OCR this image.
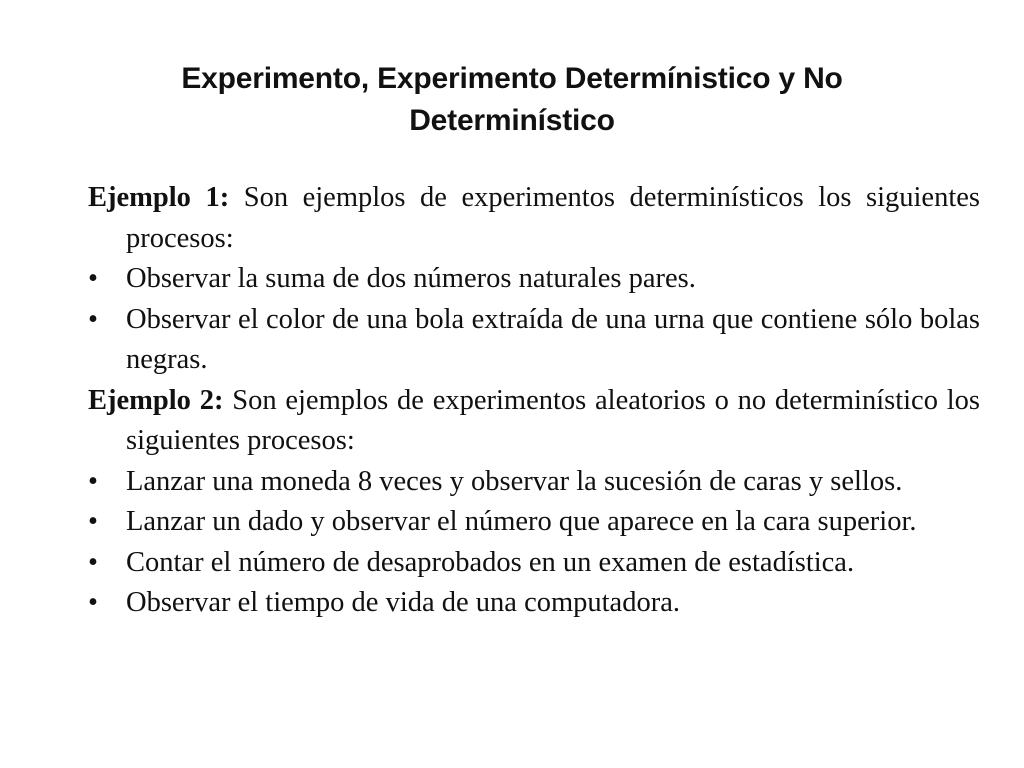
Experimento, Experimento Determínistico y No Determinístico

Ejemplo 1: Son ejemplos de experimentos determinísticos los siguientes procesos:

• Observar la suma de dos números naturales pares.

• Observar el color de una bola extraída de una urna que contiene sólo bolas negras.

Ejemplo 2: Son ejemplos de experimentos aleatorios o no determinístico los siguientes procesos:

• Lanzar una moneda 8 veces y observar la sucesión de caras y sellos.

• Lanzar un dado y observar el número que aparece en la cara superior.

• Contar el número de desaprobados en un examen de estadística.

• Observar el tiempo de vida de una computadora.
